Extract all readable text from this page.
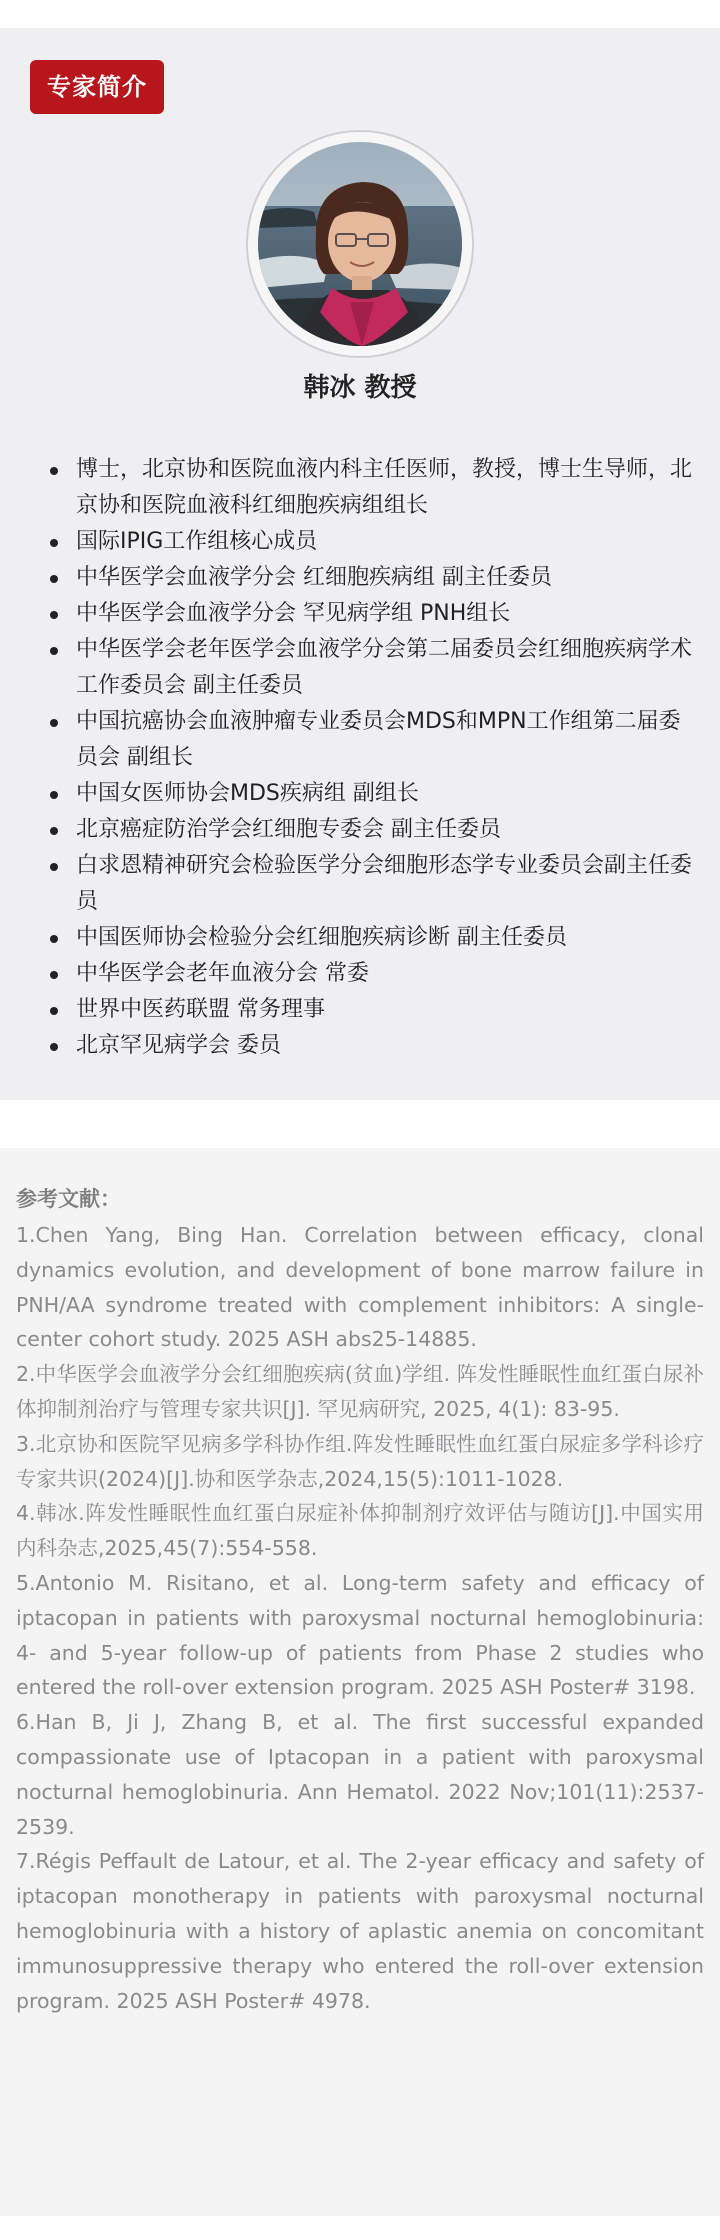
专家简介
韩冰 教授
博士，北京协和医院血液内科主任医师，教授，博士生导师，北京协和医院血液科红细胞疾病组组长
国际IPIG工作组核心成员
中华医学会血液学分会 红细胞疾病组 副主任委员
中华医学会血液学分会 罕见病学组 PNH组长
中华医学会老年医学会血液学分会第二届委员会红细胞疾病学术工作委员会 副主任委员
中国抗癌协会血液肿瘤专业委员会MDS和MPN工作组第二届委员会 副组长
中国女医师协会MDS疾病组 副组长
北京癌症防治学会红细胞专委会 副主任委员
白求恩精神研究会检验医学分会细胞形态学专业委员会副主任委员
中国医师协会检验分会红细胞疾病诊断 副主任委员
中华医学会老年血液分会 常委
世界中医药联盟 常务理事
北京罕见病学会 委员
参考文献：
1.Chen Yang, Bing Han. Correlation between efficacy, clonal dynamics evolution, and development of bone marrow failure in PNH/AA syndrome treated with complement inhibitors: A single-center cohort study. 2025 ASH abs25-14885.
2.中华医学会血液学分会红细胞疾病(贫血)学组. 阵发性睡眠性血红蛋白尿补体抑制剂治疗与管理专家共识[J]. 罕见病研究, 2025, 4(1): 83-95.
3.北京协和医院罕见病多学科协作组.阵发性睡眠性血红蛋白尿症多学科诊疗专家共识(2024)[J].协和医学杂志,2024,15(5):1011-1028.
4.韩冰.阵发性睡眠性血红蛋白尿症补体抑制剂疗效评估与随访[J].中国实用内科杂志,2025,45(7):554-558.
5.Antonio M. Risitano, et al. Long-term safety and efficacy of iptacopan in patients with paroxysmal nocturnal hemoglobinuria: 4- and 5-year follow-up of patients from Phase 2 studies who entered the roll-over extension program. 2025 ASH Poster# 3198.
6.Han B, Ji J, Zhang B, et al. The first successful expanded compassionate use of Iptacopan in a patient with paroxysmal nocturnal hemoglobinuria. Ann Hematol. 2022 Nov;101(11):2537-2539.
7.Régis Peffault de Latour, et al. The 2-year efficacy and safety of iptacopan monotherapy in patients with paroxysmal nocturnal hemoglobinuria with a history of aplastic anemia on concomitant immunosuppressive therapy who entered the roll-over extension program. 2025 ASH Poster# 4978.
